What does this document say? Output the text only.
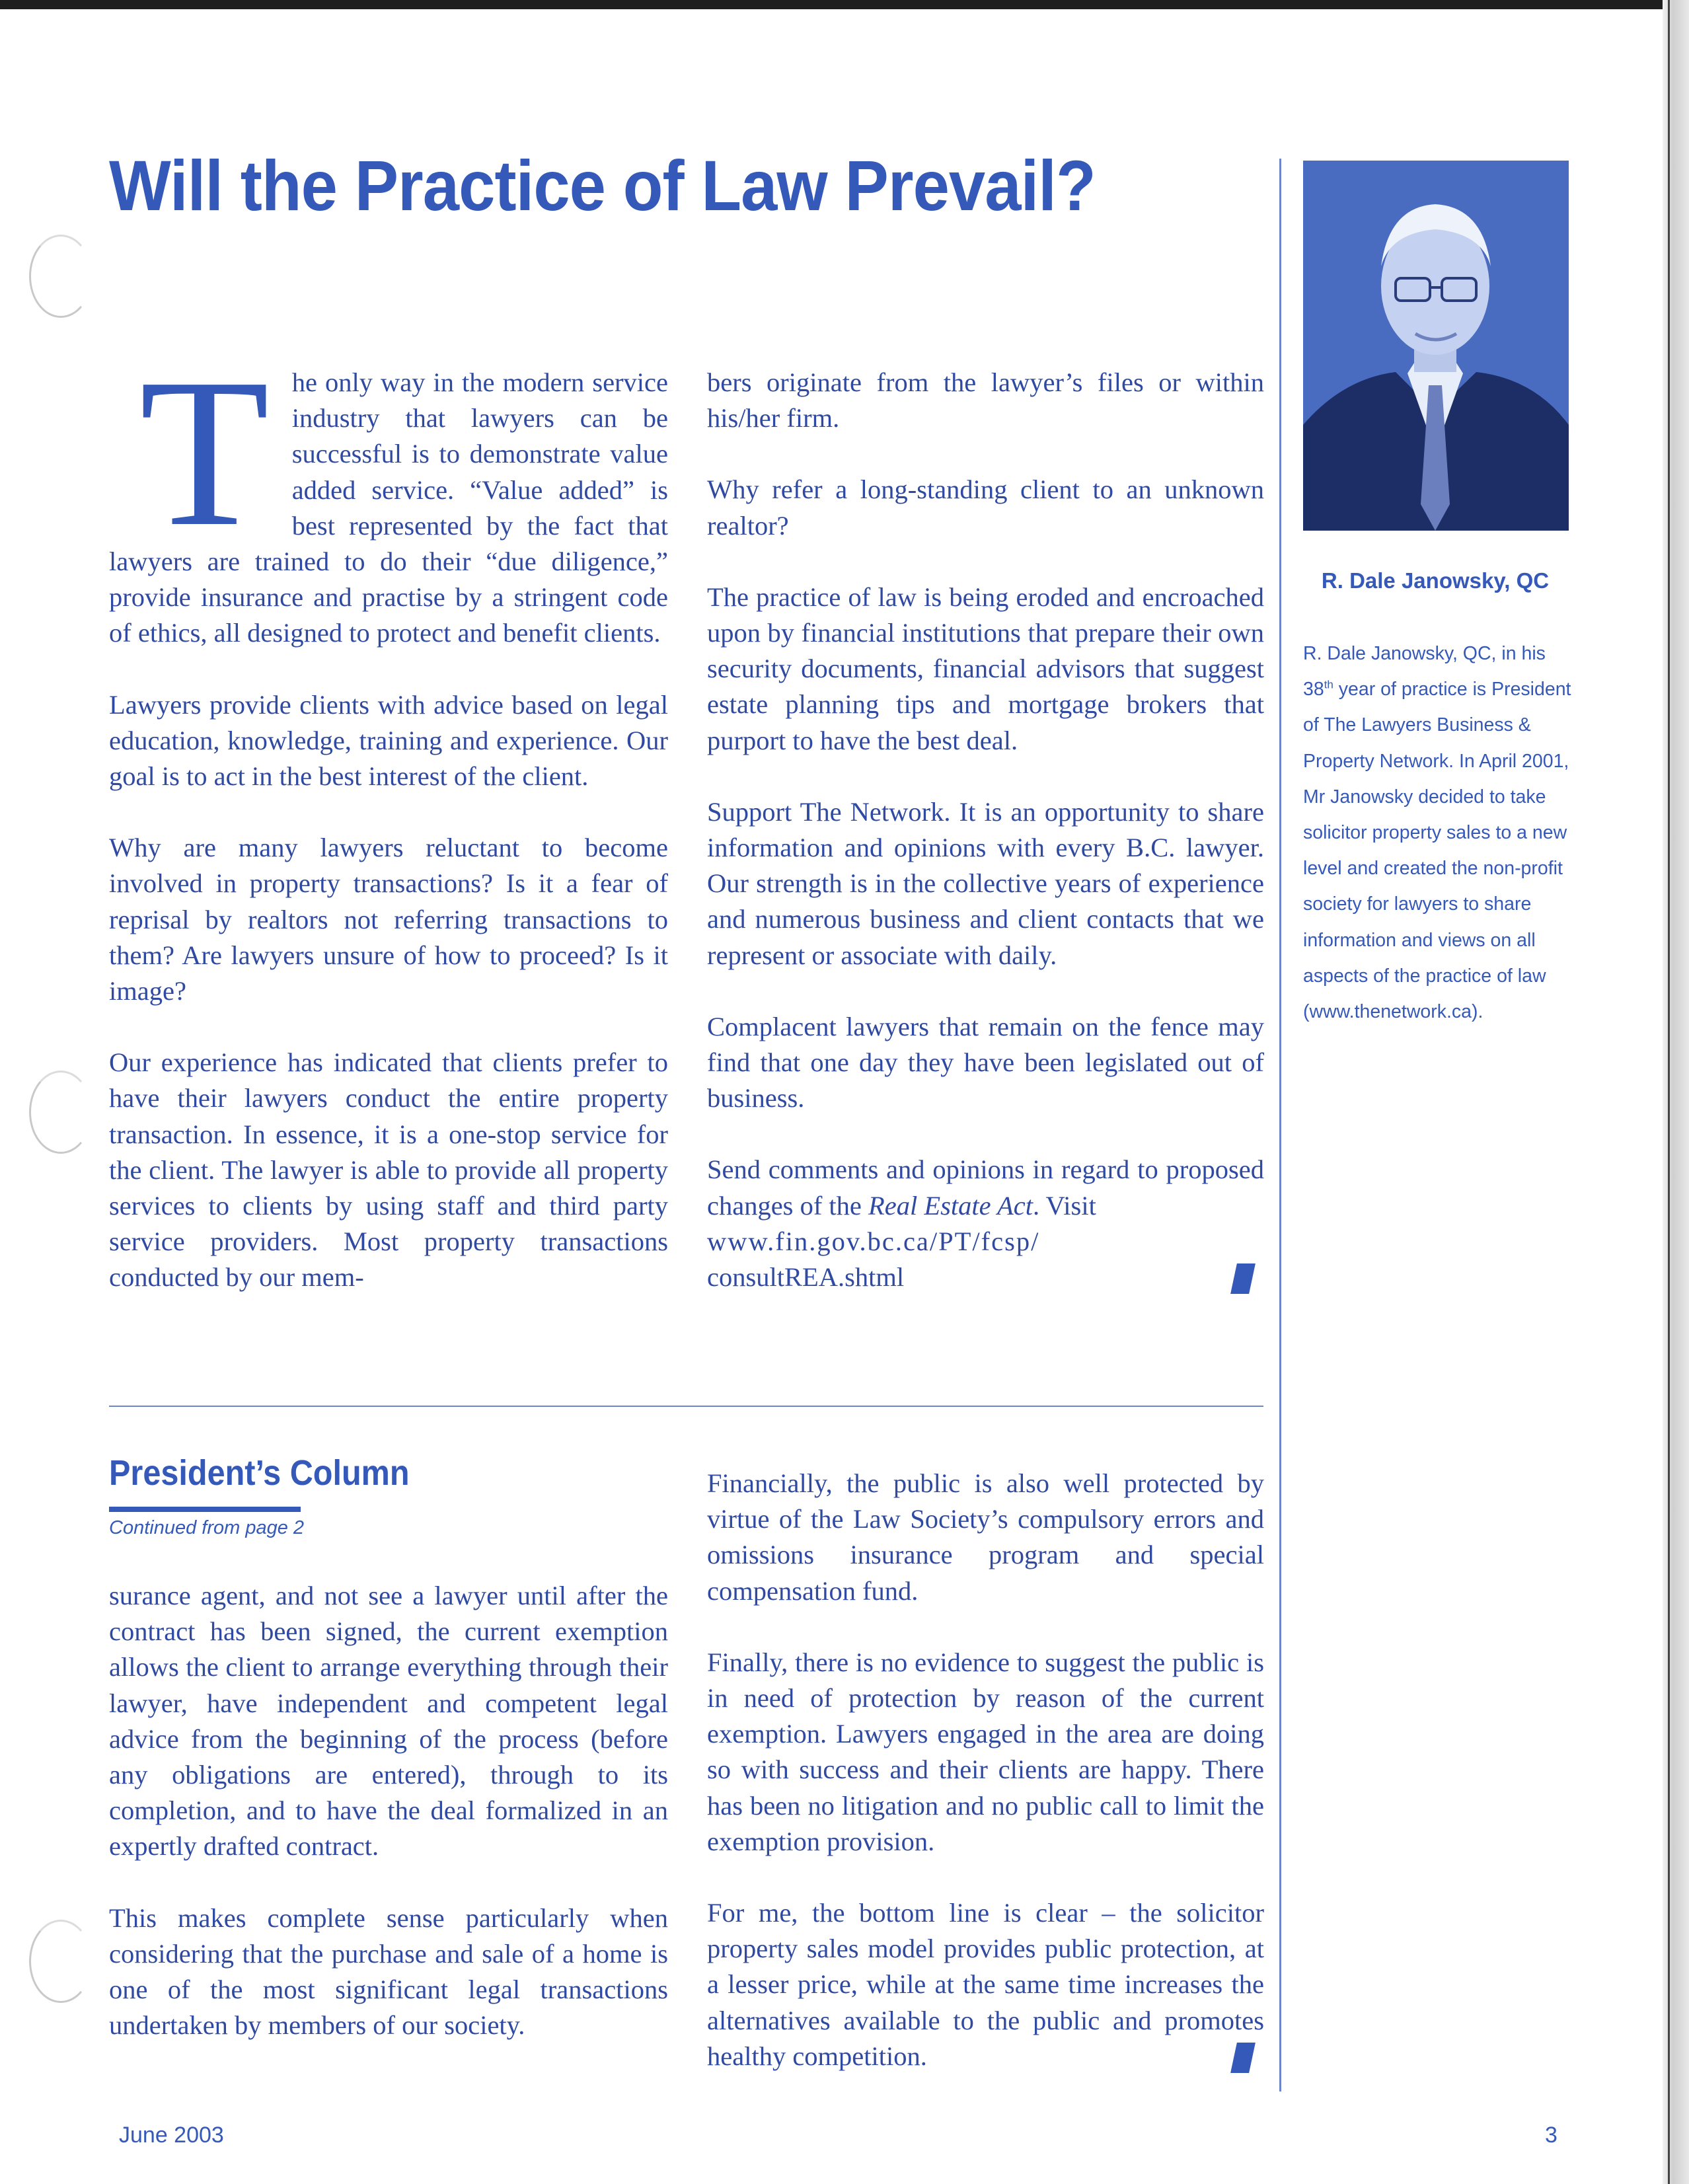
Will the Practice of Law Prevail?

The only way in the modern service industry that lawyers can be successful is to demonstrate value added service. “Value added” is best represented by the fact that lawyers are trained to do their “due diligence,” provide insurance and practise by a stringent code of ethics, all designed to protect and benefit clients.

Lawyers provide clients with advice based on legal education, knowledge, training and experience. Our goal is to act in the best interest of the client.

Why are many lawyers reluctant to become involved in property transactions? Is it a fear of reprisal by realtors not referring transactions to them? Are lawyers unsure of how to proceed? Is it image?

Our experience has indicated that clients prefer to have their lawyers conduct the entire property transaction. In essence, it is a one-stop service for the client. The lawyer is able to provide all property services to clients by using staff and third party service providers. Most property transactions conducted by our mem-

bers originate from the lawyer’s files or within his/her firm.

Why refer a long-standing client to an unknown realtor?

The practice of law is being eroded and encroached upon by financial institutions that prepare their own security documents, financial advisors that suggest estate planning tips and mortgage brokers that purport to have the best deal.

Support The Network. It is an opportunity to share information and opinions with every B.C. lawyer. Our strength is in the collective years of experience and numerous business and client contacts that we represent or associate with daily.

Complacent lawyers that remain on the fence may find that one day they have been legislated out of business.

Send comments and opinions in regard to proposed changes of the Real Estate Act. Visit
www.fin.gov.bc.ca/PT/fcsp/
consultREA.shtml

R. Dale Janowsky, QC
R. Dale Janowsky, QC, in his 38th year of practice is President of The Lawyers Business & Property Network. In April 2001, Mr Janowsky decided to take solicitor property sales to a new level and created the non-profit society for lawyers to share information and views on all aspects of the practice of law (www.thenetwork.ca).
President’s Column
Continued from page 2

surance agent, and not see a lawyer until after the contract has been signed, the current exemption allows the client to arrange everything through their lawyer, have independent and competent legal advice from the beginning of the process (before any obligations are entered), through to its completion, and to have the deal formalized in an expertly drafted contract.

This makes complete sense particularly when considering that the purchase and sale of a home is one of the most significant legal transactions undertaken by members of our society.

Financially, the public is also well protected by virtue of the Law Society’s compulsory errors and omissions insurance program and special compensation fund.

Finally, there is no evidence to suggest the public is in need of protection by reason of the current exemption. Lawyers engaged in the area are doing so with success and their clients are happy. There has been no litigation and no public call to limit the exemption provision.

For me, the bottom line is clear – the solicitor property sales model provides public protection, at a lesser price, while at the same time increases the alternatives available to the public and promotes healthy competition.

June 2003	3
